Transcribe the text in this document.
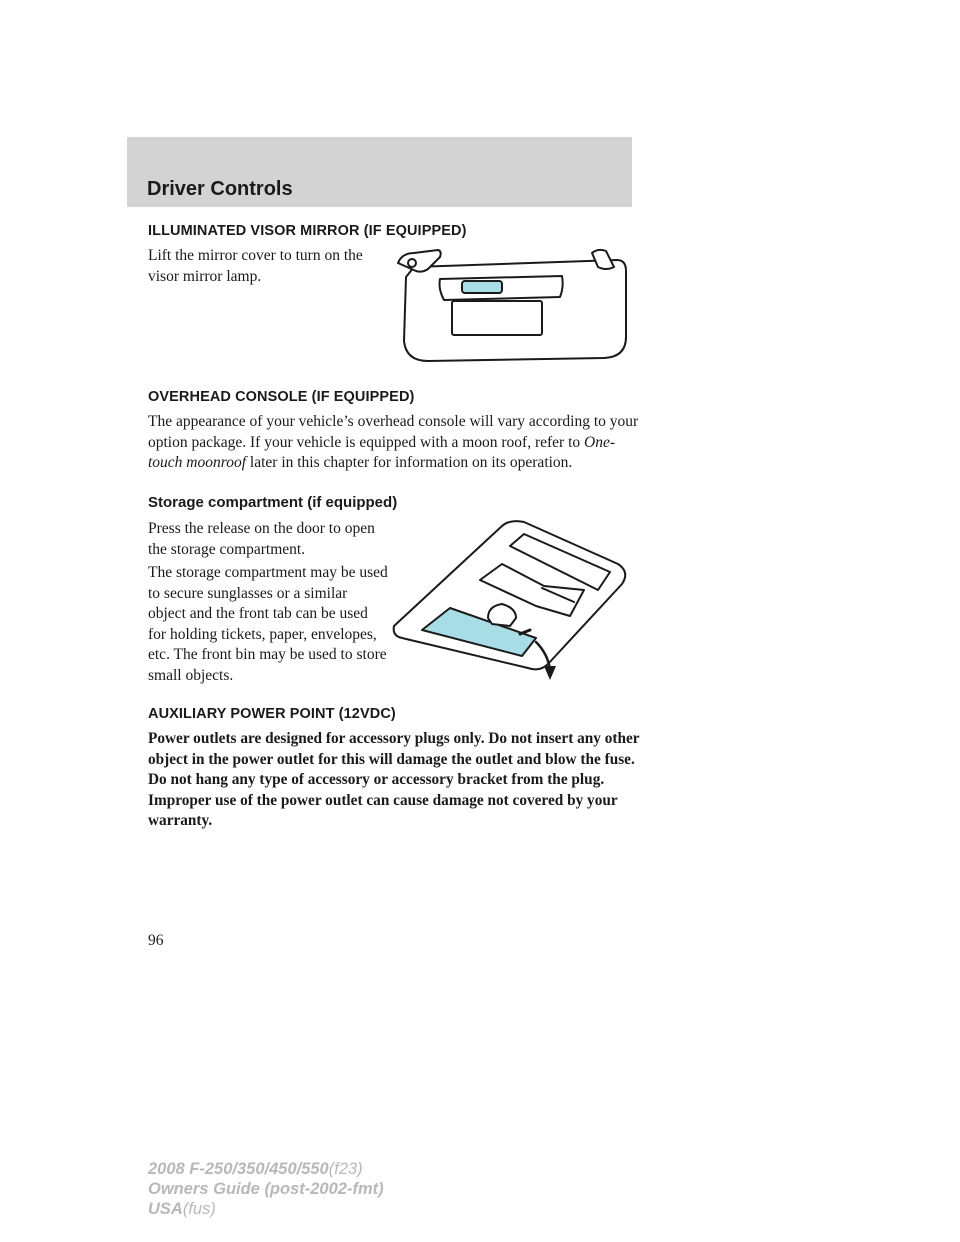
Driver Controls
ILLUMINATED VISOR MIRROR (IF EQUIPPED)

Lift the mirror cover to turn on the visor mirror lamp.

OVERHEAD CONSOLE (IF EQUIPPED)

The appearance of your vehicle’s overhead console will vary according to your option package. If your vehicle is equipped with a moon roof, refer to One-touch moonroof later in this chapter for information on its operation.

Storage compartment (if equipped)

Press the release on the door to open the storage compartment.

The storage compartment may be used to secure sunglasses or a similar object and the front tab can be used for holding tickets, paper, envelopes, etc. The front bin may be used to store small objects.

AUXILIARY POWER POINT (12VDC)

Power outlets are designed for accessory plugs only. Do not insert any other object in the power outlet for this will damage the outlet and blow the fuse. Do not hang any type of accessory or accessory bracket from the plug. Improper use of the power outlet can cause damage not covered by your warranty.

96

2008 F-250/350/450/550(f23)
Owners Guide (post-2002-fmt)
USA(fus)
